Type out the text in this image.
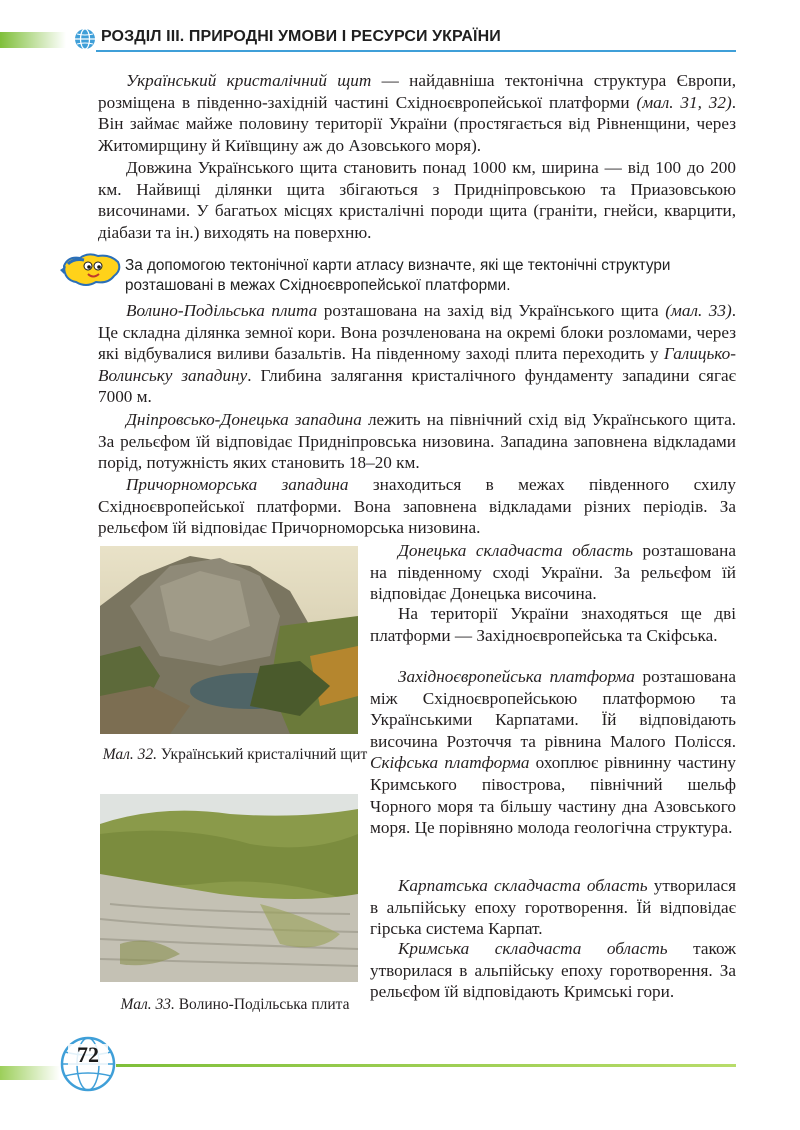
РОЗДІЛ ІІІ. ПРИРОДНІ УМОВИ І РЕСУРСИ УКРАЇНИ

Український кристалічний щит — найдавніша тектонічна структура Європи, розміщена в південно-західній частині Східноєвропейської платформи (мал. 31, 32). Він займає майже половину території України (простягається від Рівненщини, через Житомирщину й Київщину аж до Азовського моря).

Довжина Українського щита становить понад 1000 км, ширина — від 100 до 200 км. Найвищі ділянки щита збігаються з Придніпровською та Приазовською височинами. У багатьох місцях кристалічні породи щита (граніти, гнейси, кварцити, діабази та ін.) виходять на поверхню.

За допомогою тектонічної карти атласу визначте, які ще тектонічні структури розташовані в межах Східноєвропейської платформи.

Волино-Подільська плита розташована на захід від Українського щита (мал. 33). Це складна ділянка земної кори. Вона розчленована на окремі блоки розломами, через які відбувалися виливи базальтів. На південному заході плита переходить у Галицько-Волинську западину. Глибина залягання кристалічного фундаменту западини сягає 7000 м.

Дніпровсько-Донецька западина лежить на північний схід від Українського щита. За рельєфом їй відповідає Придніпровська низовина. Западина заповнена відкладами порід, потужність яких становить 18–20 км.

Причорноморська западина знаходиться в межах південного схилу Східноєвропейської платформи. Вона заповнена відкладами різних періодів. За рельєфом їй відповідає Причорноморська низовина.

Мал. 32. Український кристалічний щит
Мал. 33. Волино-Подільська плита

Донецька складчаста область розташована на південному сході України. За рельєфом їй відповідає Донецька височина.

На території України знаходяться ще дві платформи — Західноєвропейська та Скіфська.

Західноєвропейська платформа розташована між Східноєвропейською платформою та Українськими Карпатами. Їй відповідають височина Розточчя та рівнина Малого Полісся. Скіфська платформа охоплює рівнинну частину Кримського півострова, північний шельф Чорного моря та більшу частину дна Азовського моря. Це порівняно молода геологічна структура.

Карпатська складчаста область утворилася в альпійську епоху горотворення. Їй відповідає гірська система Карпат.

Кримська складчаста область також утворилася в альпійську епоху горотворення. За рельєфом їй відповідають Кримські гори.

72
